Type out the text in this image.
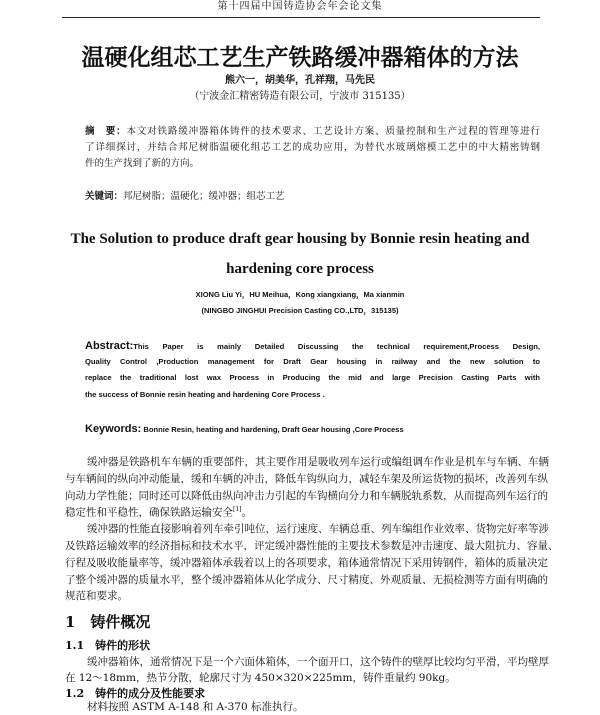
第十四届中国铸造协会年会论文集
温硬化组芯工艺生产铁路缓冲器箱体的方法
熊六一，胡美华，孔祥翔，马先民
（宁波金汇精密铸造有限公司，宁波市 315135）
摘　要：本文对铁路缓冲器箱体铸件的技术要求、工艺设计方案、质量控制和生产过程的管理等进行
了详细探讨，并结合邦尼树脂温硬化组芯工艺的成功应用，为替代水玻璃熔模工艺中的中大精密铸钢
件的生产找到了新的方向。
关键词：邦尼树脂；温硬化；缓冲器；组芯工艺
The Solution to produce draft gear housing by Bonnie resin heating and
hardening core process
XIONG Liu Yi，HU Meihua，Kong xiangxiang，Ma xianmin
(NINGBO JINGHUI Precision Casting CO.,LTD，315135)
Abstract:This Paper is mainly Detailed Discussing the technical requirement,Process Design,
Quality Control ,Production management for Draft Gear housing in railway and the new solution to
replace the traditional lost wax Process in Producing the mid and large Precision Casting Parts with
the success of Bonnie resin heating and hardening Core Process .
Keywords: Bonnie Resin, heating and hardening, Draft Gear housing ,Core Process
缓冲器是铁路机车车辆的重要部件，其主要作用是吸收列车运行或编组调车作业是机车与车辆、车辆
与车辆间的纵向冲动能量，缓和车辆的冲击，降低车钩纵向力，减轻车架及所运货物的损坏，改善列车纵
向动力学性能；同时还可以降低由纵向冲击力引起的车钩横向分力和车辆脱轨系数，从而提高列车运行的
稳定性和平稳性，确保铁路运输安全[1]。
缓冲器的性能直接影响着列车牵引吨位，运行速度、车辆总重、列车编组作业效率、货物完好率等涉
及铁路运输效率的经济指标和技术水平，评定缓冲器性能的主要技术参数是冲击速度、最大阻抗力、容量、
行程及吸收能量率等，缓冲器箱体承载着以上的各项要求，箱体通常情况下采用铸钢件，箱体的质量决定
了整个缓冲器的质量水平，整个缓冲器箱体从化学成分、尺寸精度、外观质量、无损检测等方面有明确的
规范和要求。
1　铸件概况
1.1　铸件的形状
缓冲器箱体，通常情况下是一个六面体箱体，一个面开口，这个铸件的壁厚比较均匀平滑，平均壁厚
在 12～18mm，热节分散，轮廓尺寸为 450×320×225mm，铸件重量约 90kg。
1.2　铸件的成分及性能要求
材料按照 ASTM A-148 和 A-370 标准执行。
